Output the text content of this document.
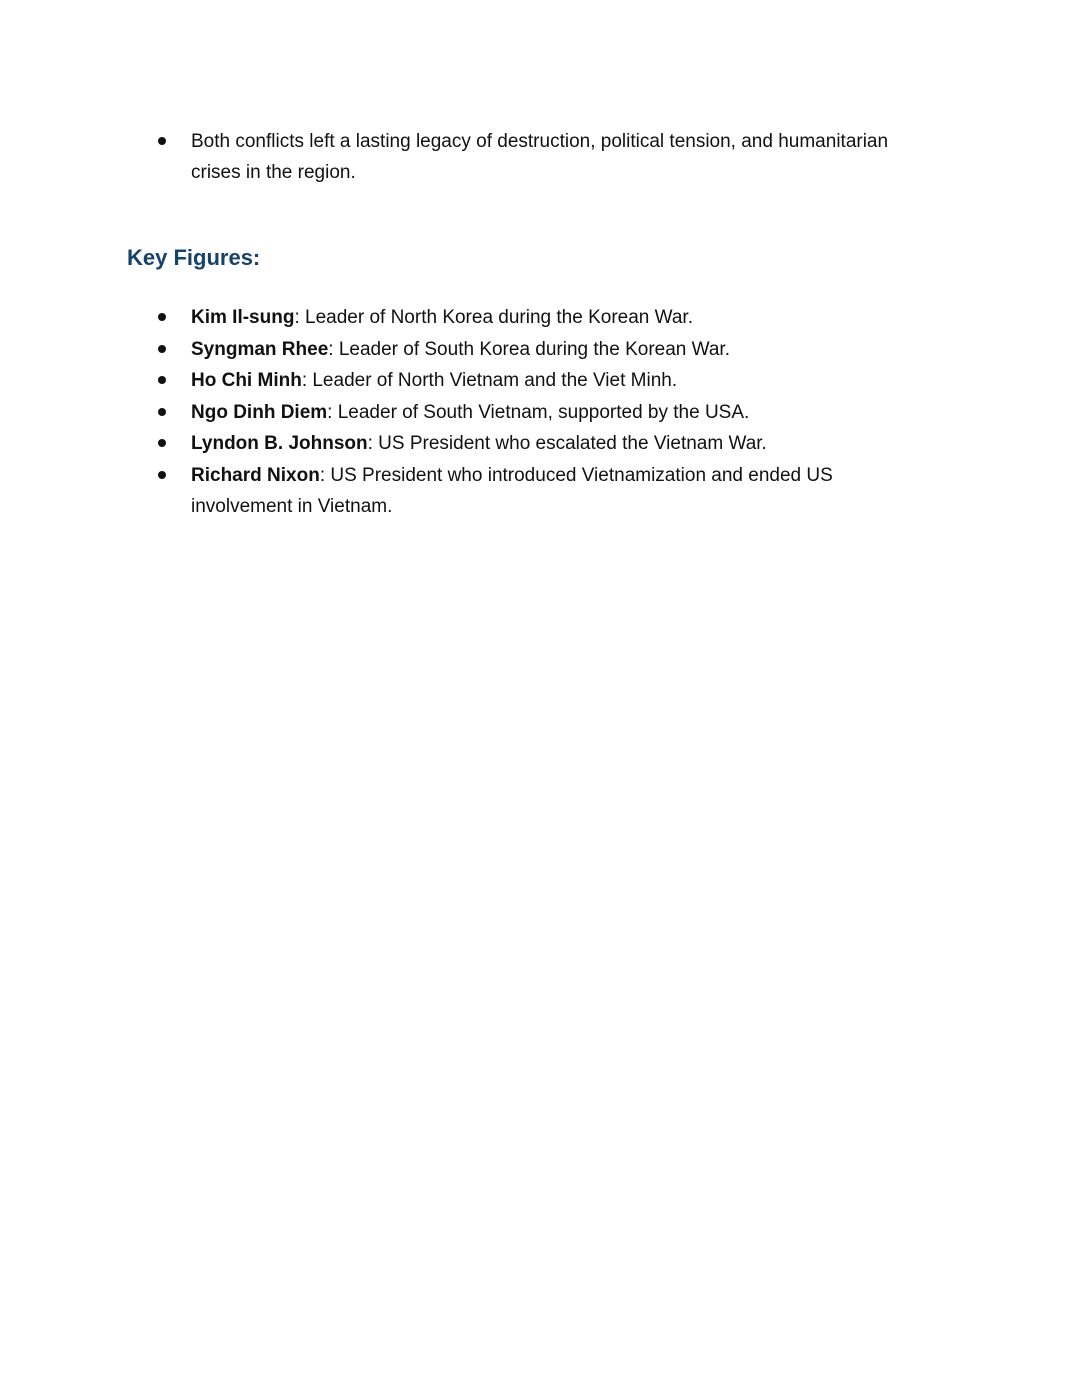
Both conflicts left a lasting legacy of destruction, political tension, and humanitarian crises in the region.
Key Figures:
Kim Il-sung: Leader of North Korea during the Korean War.
Syngman Rhee: Leader of South Korea during the Korean War.
Ho Chi Minh: Leader of North Vietnam and the Viet Minh.
Ngo Dinh Diem: Leader of South Vietnam, supported by the USA.
Lyndon B. Johnson: US President who escalated the Vietnam War.
Richard Nixon: US President who introduced Vietnamization and ended US involvement in Vietnam.
